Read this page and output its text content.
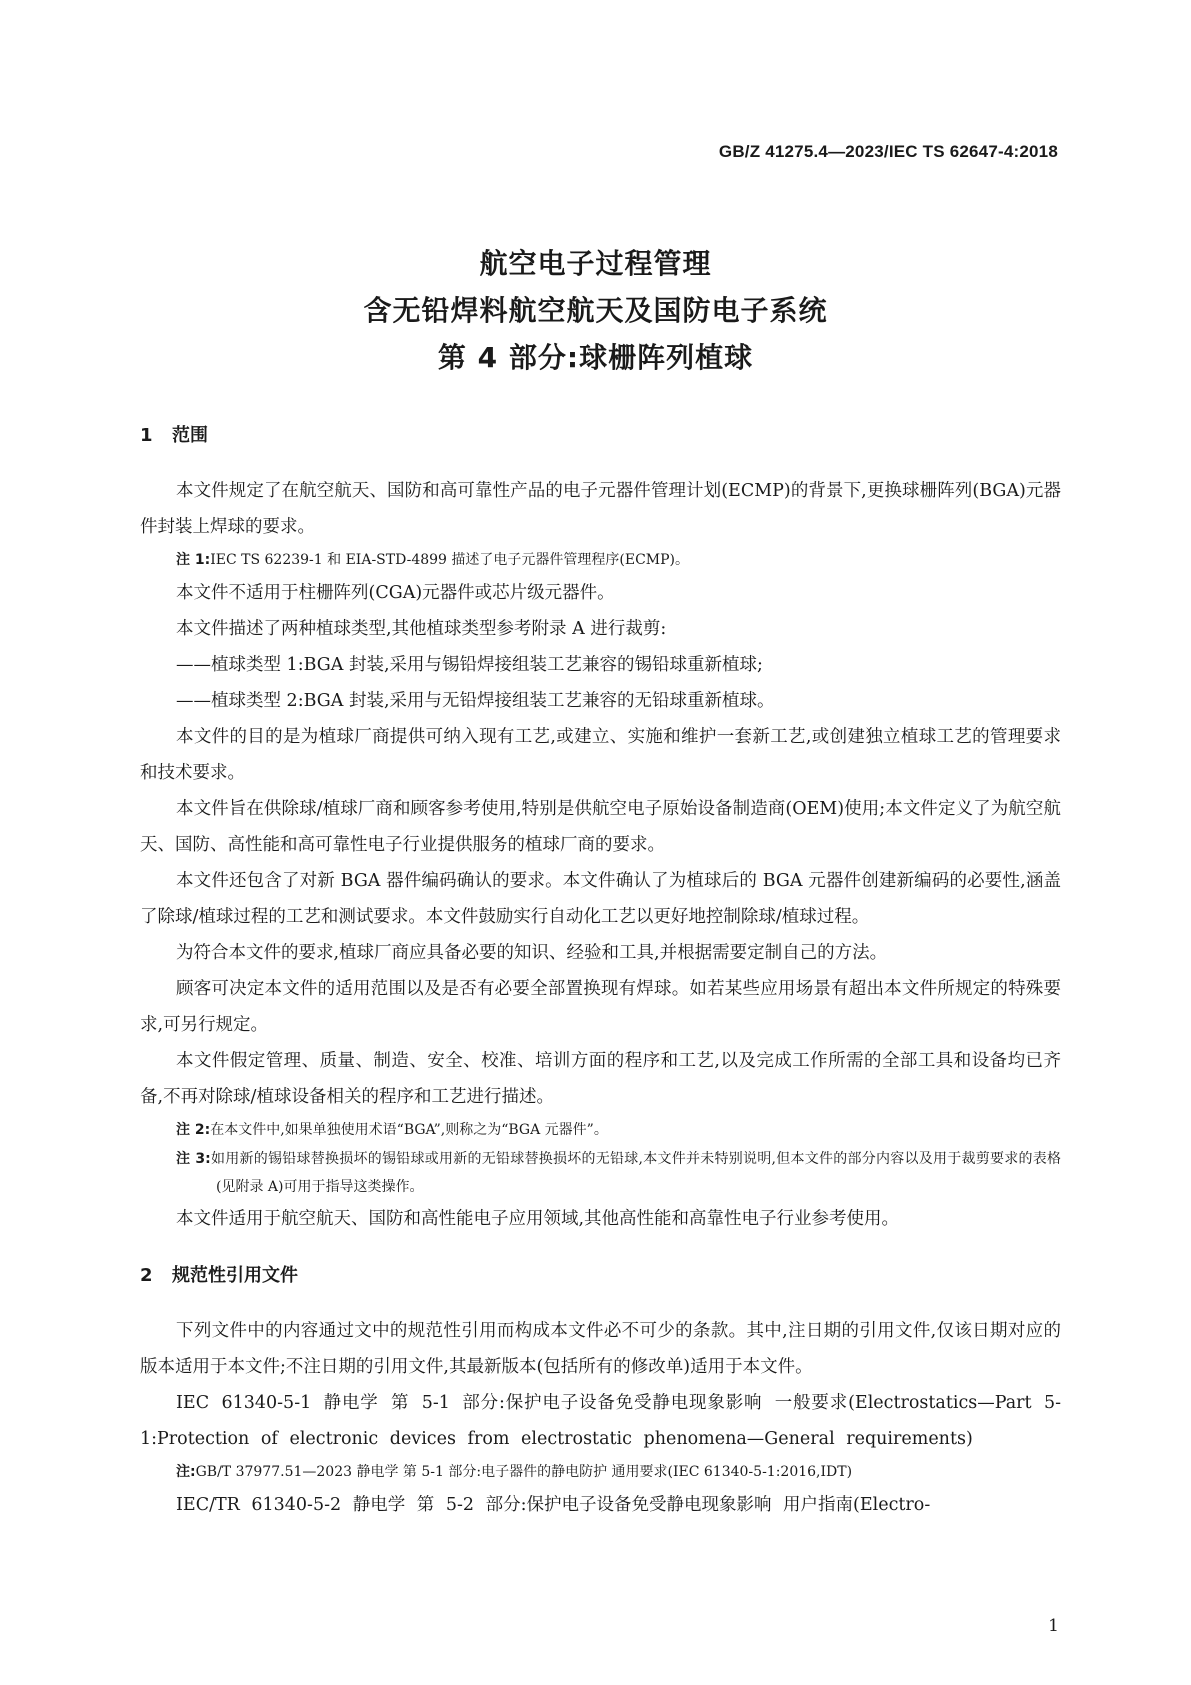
GB/Z 41275.4—2023/IEC TS 62647-4:2018
航空电子过程管理
含无铅焊料航空航天及国防电子系统
第 4 部分:球栅阵列植球
1 范围
本文件规定了在航空航天、国防和高可靠性产品的电子元器件管理计划(ECMP)的背景下,更换球栅阵列(BGA)元器件封装上焊球的要求。
注 1:IEC TS 62239-1 和 EIA-STD-4899 描述了电子元器件管理程序(ECMP)。
本文件不适用于柱栅阵列(CGA)元器件或芯片级元器件。
本文件描述了两种植球类型,其他植球类型参考附录 A 进行裁剪:
——植球类型 1:BGA 封装,采用与锡铅焊接组装工艺兼容的锡铅球重新植球;
——植球类型 2:BGA 封装,采用与无铅焊接组装工艺兼容的无铅球重新植球。
本文件的目的是为植球厂商提供可纳入现有工艺,或建立、实施和维护一套新工艺,或创建独立植球工艺的管理要求和技术要求。
本文件旨在供除球/植球厂商和顾客参考使用,特别是供航空电子原始设备制造商(OEM)使用;本文件定义了为航空航天、国防、高性能和高可靠性电子行业提供服务的植球厂商的要求。
本文件还包含了对新 BGA 器件编码确认的要求。本文件确认了为植球后的 BGA 元器件创建新编码的必要性,涵盖了除球/植球过程的工艺和测试要求。本文件鼓励实行自动化工艺以更好地控制除球/植球过程。
为符合本文件的要求,植球厂商应具备必要的知识、经验和工具,并根据需要定制自己的方法。
顾客可决定本文件的适用范围以及是否有必要全部置换现有焊球。如若某些应用场景有超出本文件所规定的特殊要求,可另行规定。
本文件假定管理、质量、制造、安全、校准、培训方面的程序和工艺,以及完成工作所需的全部工具和设备均已齐备,不再对除球/植球设备相关的程序和工艺进行描述。
注 2:在本文件中,如果单独使用术语“BGA”,则称之为“BGA 元器件”。
注 3:如用新的锡铅球替换损坏的锡铅球或用新的无铅球替换损坏的无铅球,本文件并未特别说明,但本文件的部分内容以及用于裁剪要求的表格(见附录 A)可用于指导这类操作。
本文件适用于航空航天、国防和高性能电子应用领域,其他高性能和高靠性电子行业参考使用。
2 规范性引用文件
下列文件中的内容通过文中的规范性引用而构成本文件必不可少的条款。其中,注日期的引用文件,仅该日期对应的版本适用于本文件;不注日期的引用文件,其最新版本(包括所有的修改单)适用于本文件。
IEC 61340-5-1 静电学 第 5-1 部分:保护电子设备免受静电现象影响 一般要求(Electrostatics—Part 5-1:Protection of electronic devices from electrostatic phenomena—General requirements)
注:GB/T 37977.51—2023 静电学 第 5-1 部分:电子器件的静电防护 通用要求(IEC 61340-5-1:2016,IDT)
IEC/TR 61340-5-2 静电学 第 5-2 部分:保护电子设备免受静电现象影响 用户指南(Electro-
1
